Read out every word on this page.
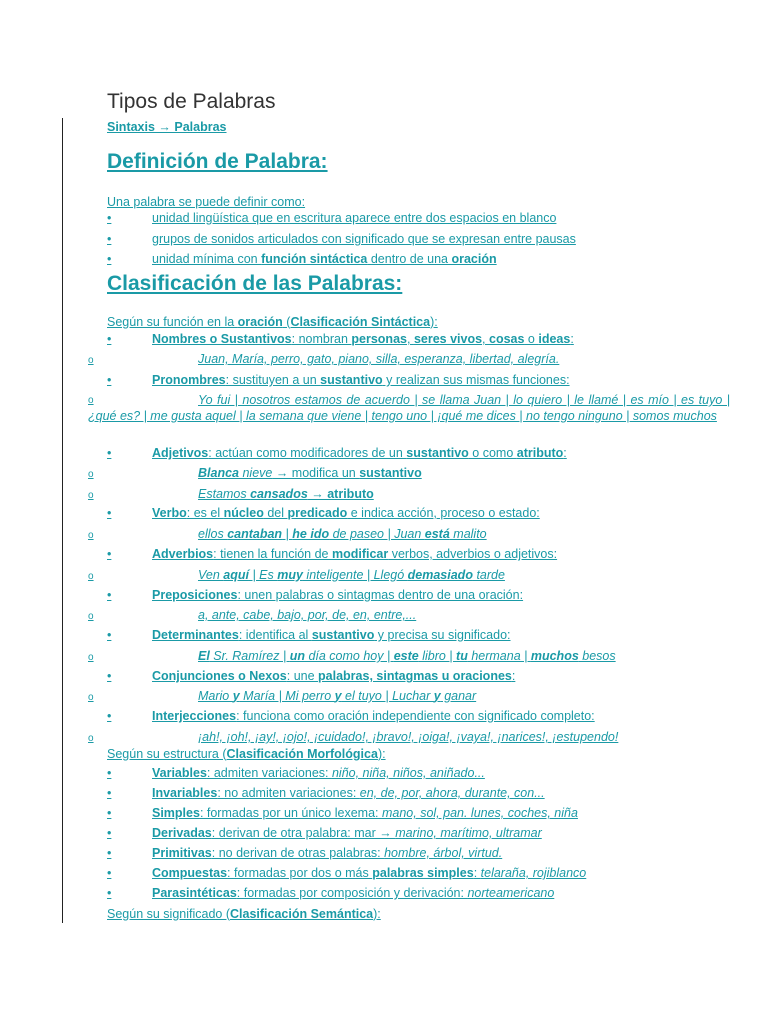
Tipos de Palabras
Sintaxis → Palabras
Definición de Palabra:
Una palabra se puede definir como:
•	unidad lingüística que en escritura aparece entre dos espacios en blanco
•	grupos de sonidos articulados con significado que se expresan entre pausas
•	unidad mínima con función sintáctica dentro de una oración
Clasificación de las Palabras:
Según su función en la oración (Clasificación Sintáctica):
•	Nombres o Sustantivos: nombran personas, seres vivos, cosas o ideas:
o	Juan, María, perro, gato, piano, silla, esperanza, libertad, alegría.
•	Pronombres: sustituyen a un sustantivo y realizan sus mismas funciones:
o	Yo fui | nosotros estamos de acuerdo | se llama Juan | lo quiero | le llamé | es mío | es tuyo | ¿qué es? | me gusta aquel | la semana que viene | tengo uno | ¡qué me dices | no tengo ninguno | somos muchos
•	Adjetivos: actúan como modificadores de un sustantivo o como atributo:
o	Blanca nieve → modifica un sustantivo
o	Estamos cansados → atributo
•	Verbo: es el núcleo del predicado e indica acción, proceso o estado:
o	ellos cantaban | he ido de paseo | Juan está malito
•	Adverbios: tienen la función de modificar verbos, adverbios o adjetivos:
o	Ven aquí | Es muy inteligente | Llegó demasiado tarde
•	Preposiciones: unen palabras o sintagmas dentro de una oración:
o	a, ante, cabe, bajo, por, de, en, entre,...
•	Determinantes: identifica al sustantivo y precisa su significado:
o	El Sr. Ramírez | un día como hoy | este libro | tu hermana | muchos besos
•	Conjunciones o Nexos: une palabras, sintagmas u oraciones:
o	Mario y María | Mi perro y el tuyo | Luchar y ganar
•	Interjecciones: funciona como oración independiente con significado completo:
o	¡ah!, ¡oh!, ¡ay!, ¡ojo!, ¡cuidado!, ¡bravo!, ¡oiga!, ¡vaya!, ¡narices!, ¡estupendo!
Según su estructura (Clasificación Morfológica):
•	Variables: admiten variaciones: niño, niña, niños, aniñado...
•	Invariables: no admiten variaciones: en, de, por, ahora, durante, con...
•	Simples: formadas por un único lexema: mano, sol, pan. lunes, coches, niña
•	Derivadas: derivan de otra palabra: mar → marino, marítimo, ultramar
•	Primitivas: no derivan de otras palabras: hombre, árbol, virtud.
•	Compuestas: formadas por dos o más palabras simples: telaraña, rojiblanco
•	Parasintéticas: formadas por composición y derivación: norteamericano
Según su significado (Clasificación Semántica):
